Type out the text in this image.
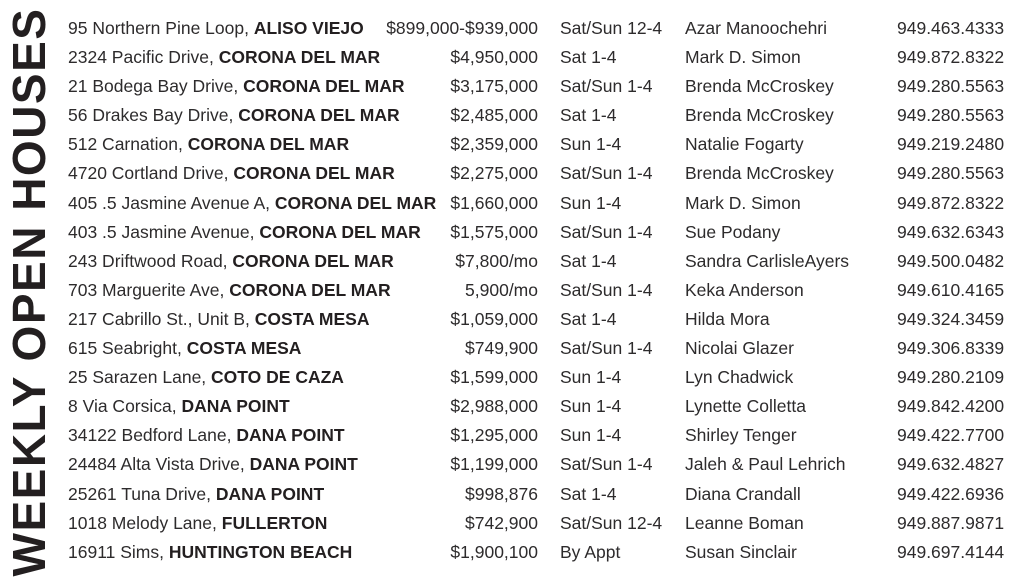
WEEKLY OPEN HOUSES 95 Northern Pine Loop, ALISO VIEJO $899,000-$939,000 Sat/Sun 12-4	Azar Manoochehri	949.463.4333
2324 Pacific Drive, CORONA DEL MAR	$4,950,000 Sat 1-4	Mark D. Simon	949.872.8322
21 Bodega Bay Drive, CORONA DEL MAR	$3,175,000 Sat/Sun 1-4	Brenda McCroskey	949.280.5563
56 Drakes Bay Drive, CORONA DEL MAR	$2,485,000 Sat 1-4	Brenda McCroskey	949.280.5563
512 Carnation, CORONA DEL MAR	$2,359,000 Sun 1-4	Natalie Fogarty	949.219.2480
4720 Cortland Drive, CORONA DEL MAR	$2,275,000 Sat/Sun 1-4	Brenda McCroskey	949.280.5563
405 .5 Jasmine Avenue A, CORONA DEL MAR $1,660,000 Sun 1-4	Mark D. Simon	949.872.8322
403 .5 Jasmine Avenue, CORONA DEL MAR $1,575,000 Sat/Sun 1-4	Sue Podany	949.632.6343
243 Driftwood Road, CORONA DEL MAR	$7,800/mo Sat 1-4	Sandra CarlisleAyers	949.500.0482
703 Marguerite Ave, CORONA DEL MAR	5,900/mo Sat/Sun 1-4	Keka Anderson	949.610.4165
217 Cabrillo St., Unit B, COSTA MESA	$1,059,000 Sat 1-4	Hilda Mora	949.324.3459
615 Seabright, COSTA MESA	$749,900 Sat/Sun 1-4	Nicolai Glazer	949.306.8339
25 Sarazen Lane, COTO DE CAZA	$1,599,000 Sun 1-4	Lyn Chadwick	949.280.2109
8 Via Corsica, DANA POINT	$2,988,000 Sun 1-4	Lynette Colletta	949.842.4200
34122 Bedford Lane, DANA POINT	$1,295,000 Sun 1-4	Shirley Tenger	949.422.7700
24484 Alta Vista Drive, DANA POINT	$1,199,000 Sat/Sun 1-4	Jaleh & Paul Lehrich	949.632.4827
25261 Tuna Drive, DANA POINT	$998,876 Sat 1-4	Diana Crandall	949.422.6936
1018 Melody Lane, FULLERTON	$742,900 Sat/Sun 12-4	Leanne Boman	949.887.9871
16911 Sims, HUNTINGTON BEACH	$1,900,100 By Appt	Susan Sinclair	949.697.4144
